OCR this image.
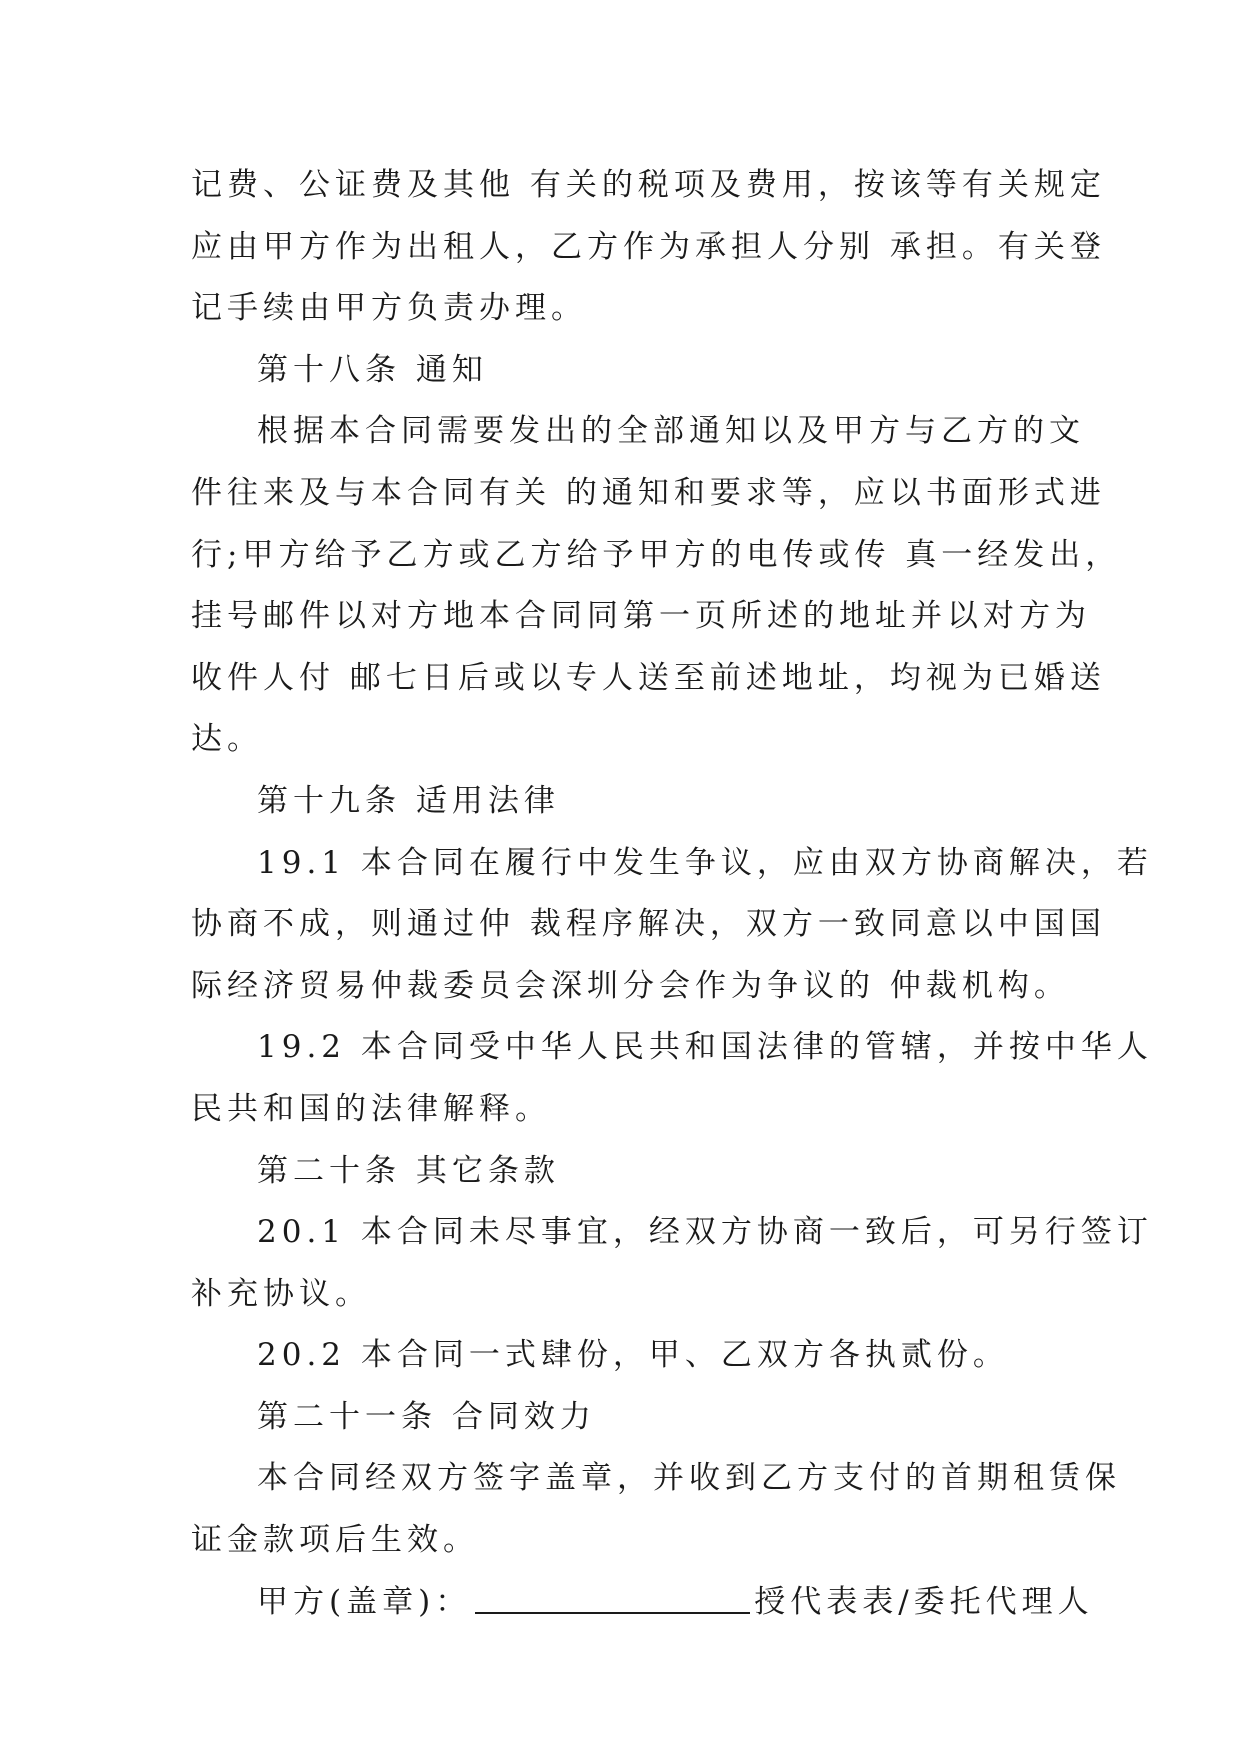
记费、公证费及其他 有关的税项及费用，按该等有关规定
应由甲方作为出租人，乙方作为承担人分别 承担。有关登
记手续由甲方负责办理。
第十八条 通知
根据本合同需要发出的全部通知以及甲方与乙方的文
件往来及与本合同有关 的通知和要求等，应以书面形式进
行;甲方给予乙方或乙方给予甲方的电传或传 真一经发出，
挂号邮件以对方地本合同同第一页所述的地址并以对方为
收件人付 邮七日后或以专人送至前述地址，均视为已婚送
达。
第十九条 适用法律
19.1 本合同在履行中发生争议，应由双方协商解决，若
协商不成，则通过仲 裁程序解决，双方一致同意以中国国
际经济贸易仲裁委员会深圳分会作为争议的 仲裁机构。
19.2 本合同受中华人民共和国法律的管辖，并按中华人
民共和国的法律解释。
第二十条 其它条款
20.1 本合同未尽事宜，经双方协商一致后，可另行签订
补充协议。
20.2 本合同一式肆份，甲、乙双方各执贰份。
第二十一条 合同效力
本合同经双方签字盖章，并收到乙方支付的首期租赁保
证金款项后生效。
甲方(盖章)：	授代表表/委托代理人
